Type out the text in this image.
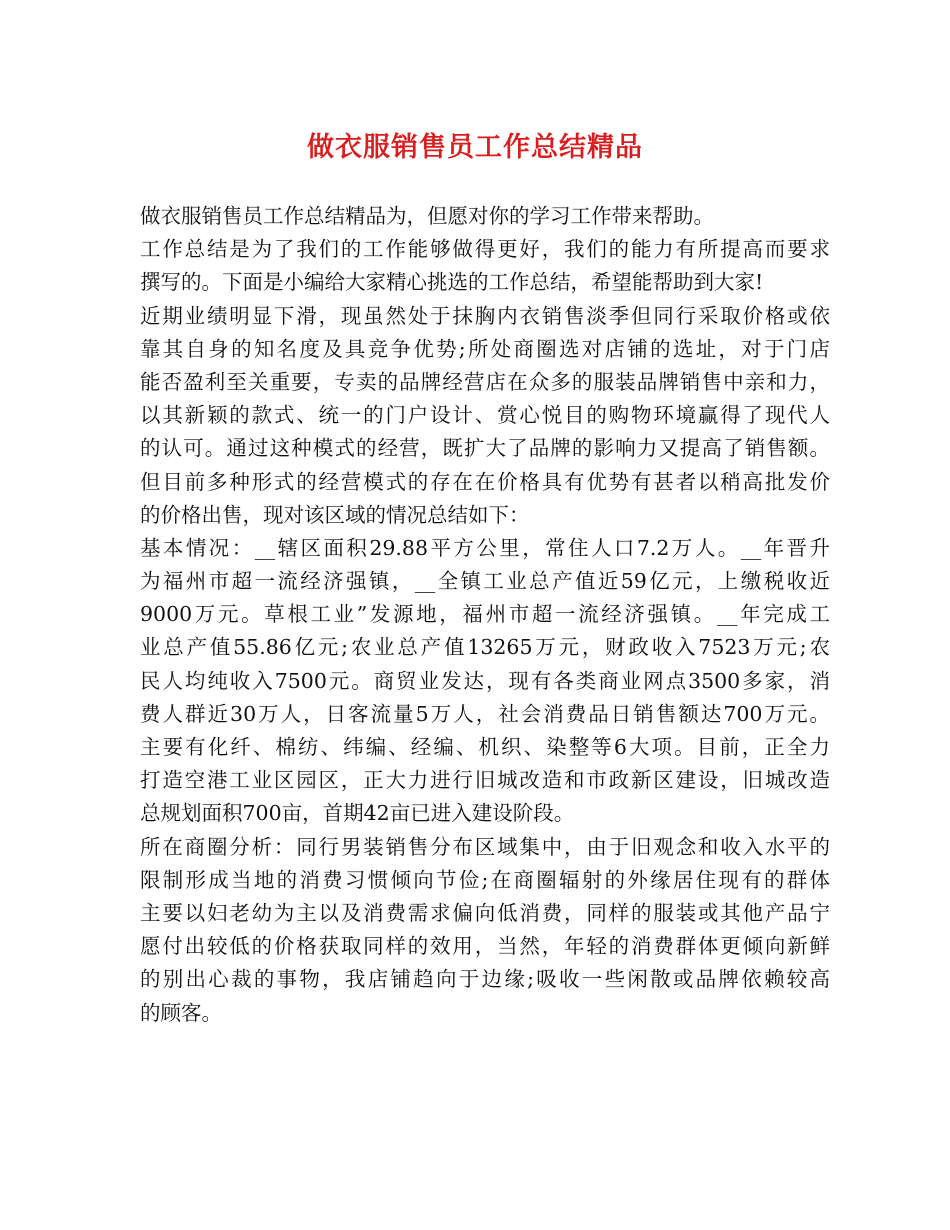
做衣服销售员工作总结精品
做衣服销售员工作总结精品为，但愿对你的学习工作带来帮助。
工作总结是为了我们的工作能够做得更好，我们的能力有所提高而要求
撰写的。下面是小编给大家精心挑选的工作总结，希望能帮助到大家!
近期业绩明显下滑，现虽然处于抹胸内衣销售淡季但同行采取价格或依
靠其自身的知名度及具竞争优势;所处商圈选对店铺的选址，对于门店
能否盈利至关重要，专卖的品牌经营店在众多的服装品牌销售中亲和力，
以其新颖的款式、统一的门户设计、赏心悦目的购物环境赢得了现代人
的认可。通过这种模式的经营，既扩大了品牌的影响力又提高了销售额。
但目前多种形式的经营模式的存在在价格具有优势有甚者以稍高批发价
的价格出售，现对该区域的情况总结如下：
基本情况：__辖区面积29.88平方公里，常住人口7.2万人。__年晋升
为福州市超一流经济强镇，__全镇工业总产值近59亿元，上缴税收近
9000万元。草根工业”发源地，福州市超一流经济强镇。__年完成工
业总产值55.86亿元;农业总产值13265万元，财政收入7523万元;农
民人均纯收入7500元。商贸业发达，现有各类商业网点3500多家，消
费人群近30万人，日客流量5万人，社会消费品日销售额达700万元。
主要有化纤、棉纺、纬编、经编、机织、染整等6大项。目前，正全力
打造空港工业区园区，正大力进行旧城改造和市政新区建设，旧城改造
总规划面积700亩，首期42亩已进入建设阶段。
所在商圈分析：同行男装销售分布区域集中，由于旧观念和收入水平的
限制形成当地的消费习惯倾向节俭;在商圈辐射的外缘居住现有的群体
主要以妇老幼为主以及消费需求偏向低消费，同样的服装或其他产品宁
愿付出较低的价格获取同样的效用，当然，年轻的消费群体更倾向新鲜
的别出心裁的事物，我店铺趋向于边缘;吸收一些闲散或品牌依赖较高
的顾客。
